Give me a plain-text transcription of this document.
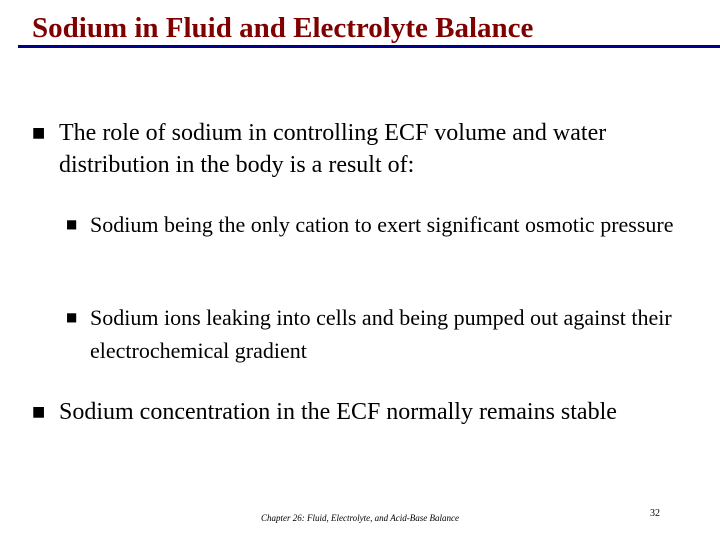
Sodium in Fluid and Electrolyte Balance
■ The role of sodium in controlling ECF volume and water distribution in the body is a result of:
■ Sodium being the only cation to exert significant osmotic pressure
■ Sodium ions leaking into cells and being pumped out against their electrochemical gradient
■ Sodium concentration in the ECF normally remains stable
Chapter 26: Fluid, Electrolyte, and Acid-Base Balance	32
